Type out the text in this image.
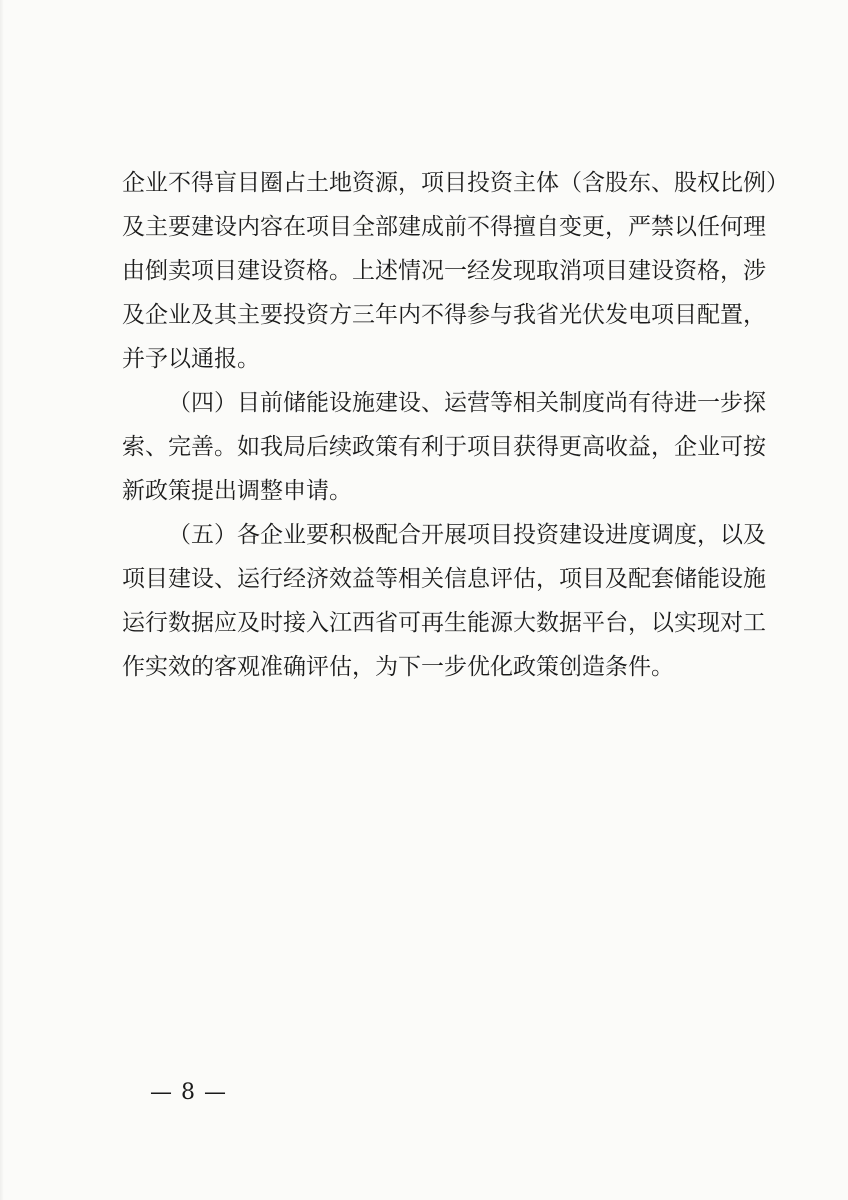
企业不得盲目圈占土地资源，项目投资主体（含股东、股权比例）
及主要建设内容在项目全部建成前不得擅自变更，严禁以任何理
由倒卖项目建设资格。上述情况一经发现取消项目建设资格，涉
及企业及其主要投资方三年内不得参与我省光伏发电项目配置，
并予以通报。
（四）目前储能设施建设、运营等相关制度尚有待进一步探
索、完善。如我局后续政策有利于项目获得更高收益，企业可按
新政策提出调整申请。
（五）各企业要积极配合开展项目投资建设进度调度，以及
项目建设、运行经济效益等相关信息评估，项目及配套储能设施
运行数据应及时接入江西省可再生能源大数据平台，以实现对工
作实效的客观准确评估，为下一步优化政策创造条件。
— 8 —
